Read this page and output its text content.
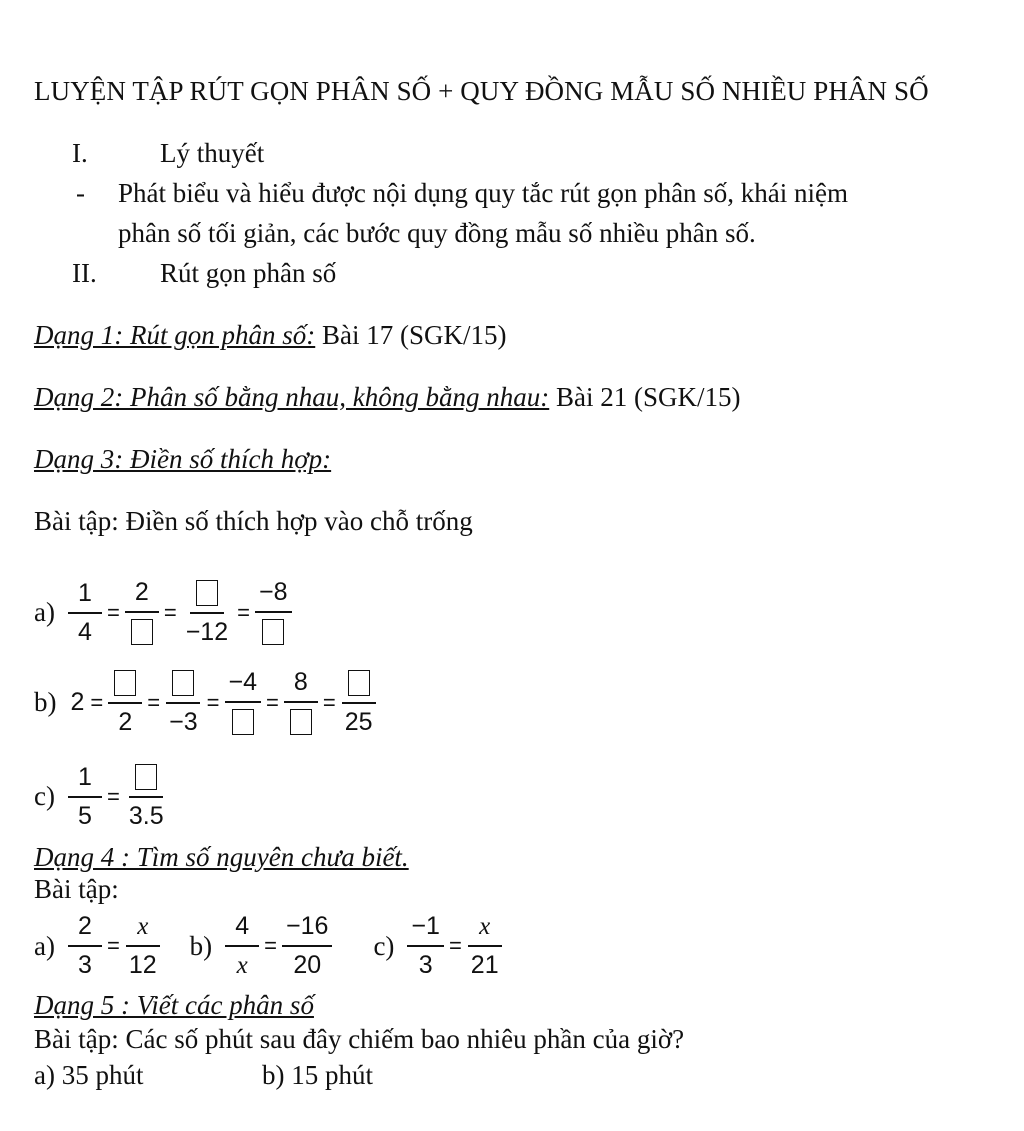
LUYỆN TẬP RÚT GỌN PHÂN SỐ + QUY ĐỒNG MẪU SỐ NHIỀU PHÂN SỐ
I.	Lý thuyết
- Phát biểu và hiểu được nội dụng quy tắc rút gọn phân số, khái niệm
phân số tối giản, các bước quy đồng mẫu số nhiều phân số.
II. Rút gọn phân số
Dạng 1: Rút gọn phân số: Bài 17 (SGK/15)
Dạng 2: Phân số bằng nhau, không bằng nhau: Bài 21 (SGK/15)
Dạng 3: Điền số thích hợp:
Bài tập: Điền số thích hợp vào chỗ trống
$a) \frac{1}{4}$ =
2
=
−12
=
−8
b) 2 =
2
=
−3
=
−4
=
8
=
25
$c) \frac{1}{5}$ =
3.5
Dạng 4 : Tìm số nguyên chưa biết.
Bài tập:
$a) \frac{2}{3} = \frac{x}{12} b) \frac{4}{x} = \frac{-16}{20} c) \frac{-1}{3} = \frac{x}{21}$
Dạng 5 : Viết các phân số
Bài tập: Các số phút sau đây chiếm bao nhiêu phần của giờ?
a) 35 phút	b) 15 phút
